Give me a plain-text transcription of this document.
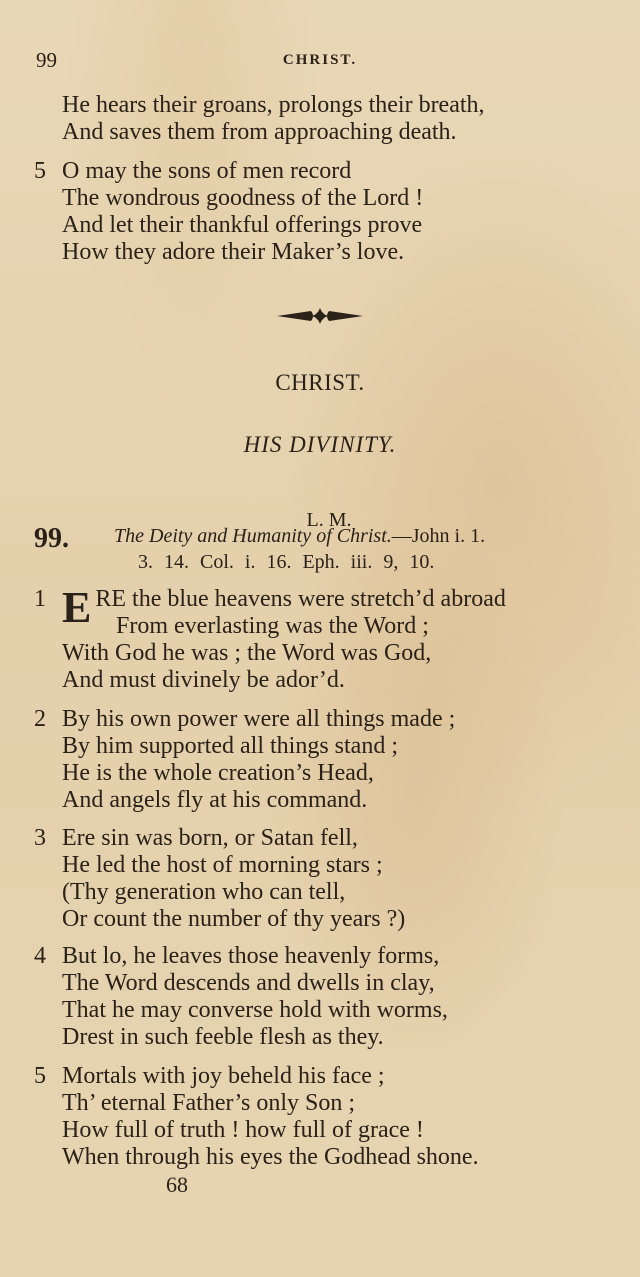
99	CHRIST.
He hears their groans, prolongs their breath,
And saves them from approaching death.
5 O may the sons of men record
The wondrous goodness of the Lord !
And let their thankful offerings prove
How they adore their Maker’s love.
CHRIST.
HIS DIVINITY.
L. M.
99. The Deity and Humanity of Christ.—John i. 1.
3. 14. Col. i. 16. Eph. iii. 9, 10.
1 ERE the blue heavens were stretch’d abroad
From everlasting was the Word ;
With God he was ; the Word was God,
And must divinely be ador’d.
2 By his own power were all things made ;
By him supported all things stand ;
He is the whole creation’s Head,
And angels fly at his command.
3 Ere sin was born, or Satan fell,
He led the host of morning stars ;
(Thy generation who can tell,
Or count the number of thy years ?)
4 But lo, he leaves those heavenly forms,
The Word descends and dwells in clay,
That he may converse hold with worms,
Drest in such feeble flesh as they.
5 Mortals with joy beheld his face ;
Th’ eternal Father’s only Son ;
How full of truth ! how full of grace !
When through his eyes the Godhead shone.
68
